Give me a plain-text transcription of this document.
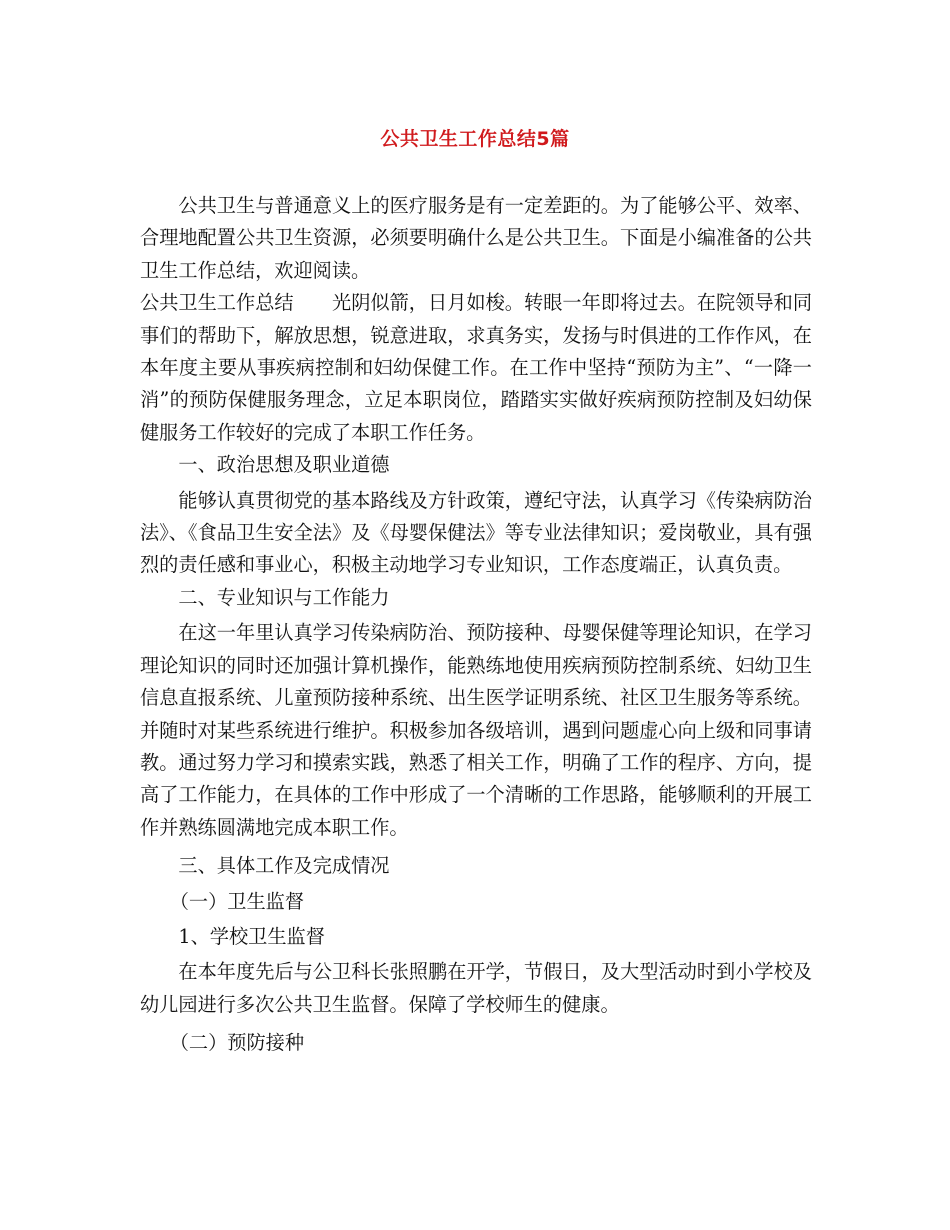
公共卫生工作总结5篇

公共卫生与普通意义上的医疗服务是有一定差距的。为了能够公平、效率、合理地配置公共卫生资源，必须要明确什么是公共卫生。下面是小编准备的公共卫生工作总结，欢迎阅读。

公共卫生工作总结 光阴似箭，日月如梭。转眼一年即将过去。在院领导和同事们的帮助下，解放思想，锐意进取，求真务实，发扬与时俱进的工作作风，在本年度主要从事疾病控制和妇幼保健工作。在工作中坚持“预防为主”、“一降一消”的预防保健服务理念，立足本职岗位，踏踏实实做好疾病预防控制及妇幼保健服务工作较好的完成了本职工作任务。

一、政治思想及职业道德

能够认真贯彻党的基本路线及方针政策，遵纪守法，认真学习《传染病防治法》、《食品卫生安全法》及《母婴保健法》等专业法律知识；爱岗敬业，具有强烈的责任感和事业心，积极主动地学习专业知识，工作态度端正，认真负责。

二、专业知识与工作能力

在这一年里认真学习传染病防治、预防接种、母婴保健等理论知识，在学习理论知识的同时还加强计算机操作，能熟练地使用疾病预防控制系统、妇幼卫生信息直报系统、儿童预防接种系统、出生医学证明系统、社区卫生服务等系统。并随时对某些系统进行维护。积极参加各级培训，遇到问题虚心向上级和同事请教。通过努力学习和摸索实践，熟悉了相关工作，明确了工作的程序、方向，提高了工作能力，在具体的工作中形成了一个清晰的工作思路，能够顺利的开展工作并熟练圆满地完成本职工作。

三、具体工作及完成情况

（一）卫生监督

1、学校卫生监督

在本年度先后与公卫科长张照鹏在开学，节假日，及大型活动时到小学校及幼儿园进行多次公共卫生监督。保障了学校师生的健康。

（二）预防接种
